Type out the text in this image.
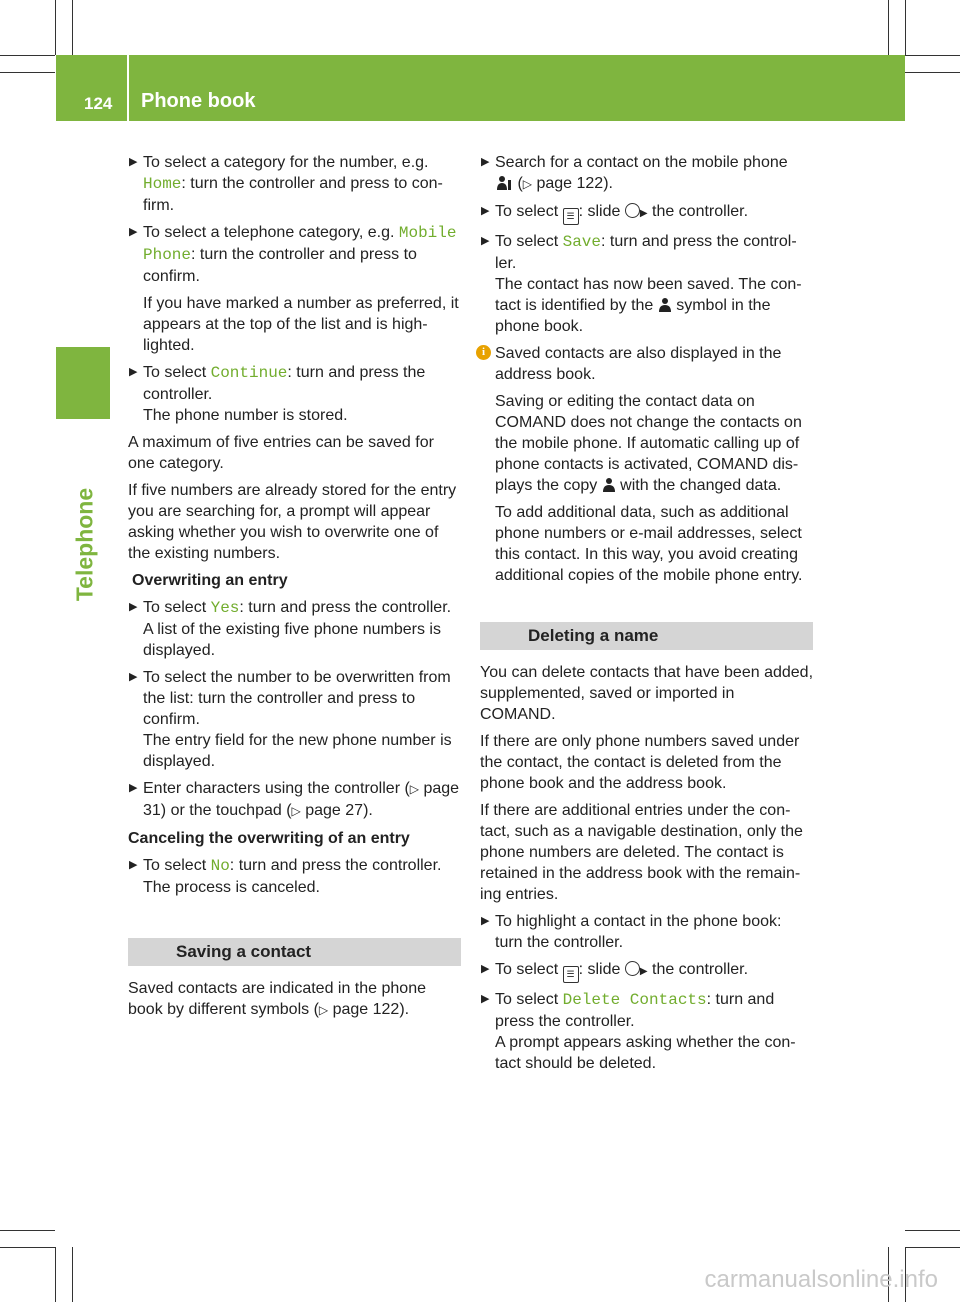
124 Phone book
Telephone
▶ To select a category for the number, e.g. Home: turn the controller and press to con-firm.
▶ To select a telephone category, e.g. Mobile Phone: turn the controller and press to confirm.

If you have marked a number as preferred, it appears at the top of the list and is high-lighted.

▶ To select Continue: turn and press the controller.
The phone number is stored.

A maximum of five entries can be saved for one category.

If five numbers are already stored for the entry you are searching for, a prompt will appear asking whether you wish to overwrite one of the existing numbers.

Overwriting an entry

▶ To select Yes: turn and press the controller.
A list of the existing five phone numbers is displayed.
▶ To select the number to be overwritten from the list: turn the controller and press to confirm.
The entry field for the new phone number is displayed.
▶ Enter characters using the controller (▷ page 31) or the touchpad (▷ page 27).

Canceling the overwriting of an entry

▶ To select No: turn and press the controller.
The process is canceled.
Saving a contact

Saved contacts are indicated in the phone book by different symbols (▷ page 122).

▶ Search for a contact on the mobile phone
(▷ page 122).
▶ To select ☰ : slide ▶ the controller.
▶ To select Save: turn and press the control-ler.
The contact has now been saved. The con-tact is identified by the  symbol in the phone book.
i Saved contacts are also displayed in the address book.

Saving or editing the contact data on COMAND does not change the contacts on the mobile phone. If automatic calling up of phone contacts is activated, COMAND dis-plays the copy  with the changed data.

To add additional data, such as additional phone numbers or e-mail addresses, select this contact. In this way, you avoid creating additional copies of the mobile phone entry.

Deleting a name

You can delete contacts that have been added, supplemented, saved or imported in COMAND.

If there are only phone numbers saved under the contact, the contact is deleted from the phone book and the address book.

If there are additional entries under the con-tact, such as a navigable destination, only the phone numbers are deleted. The contact is retained in the address book with the remain-ing entries.

▶ To highlight a contact in the phone book: turn the controller.
▶ To select ☰ : slide ▶ the controller.
▶ To select Delete Contacts: turn and press the controller.
A prompt appears asking whether the con-tact should be deleted.
carmanualsonline.info
